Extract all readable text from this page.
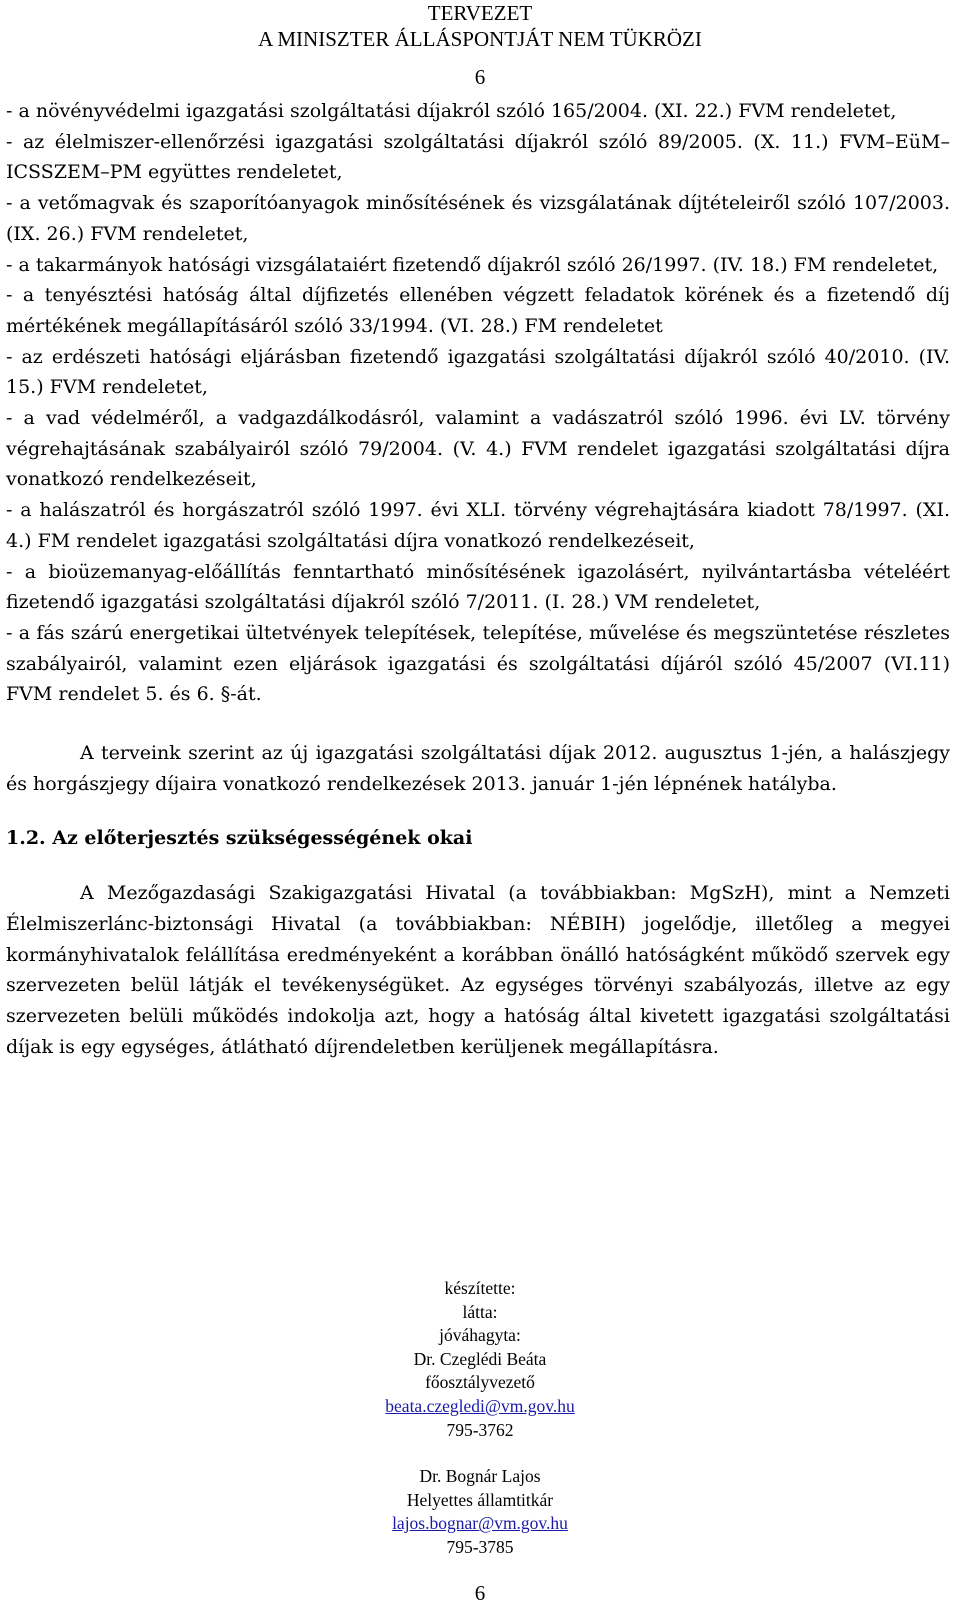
TERVEZET
A MINISZTER ÁLLÁSPONTJÁT NEM TÜKRÖZI
6
- a növényvédelmi igazgatási szolgáltatási díjakról szóló 165/2004. (XI. 22.) FVM rendeletet,
- az élelmiszer-ellenőrzési igazgatási szolgáltatási díjakról szóló 89/2005. (X. 11.) FVM–EüM–ICSSZEM–PM együttes rendeletet,
- a vetőmagvak és szaporítóanyagok minősítésének és vizsgálatának díjtételeiről szóló 107/2003. (IX. 26.) FVM rendeletet,
- a takarmányok hatósági vizsgálataiért fizetendő díjakról szóló 26/1997. (IV. 18.) FM rendeletet,
- a tenyésztési hatóság által díjfizetés ellenében végzett feladatok körének és a fizetendő díj mértékének megállapításáról szóló 33/1994. (VI. 28.) FM rendeletet
- az erdészeti hatósági eljárásban fizetendő igazgatási szolgáltatási díjakról szóló 40/2010. (IV. 15.) FVM rendeletet,
- a vad védelméről, a vadgazdálkodásról, valamint a vadászatról szóló 1996. évi LV. törvény végrehajtásának szabályairól szóló 79/2004. (V. 4.) FVM rendelet igazgatási szolgáltatási díjra vonatkozó rendelkezéseit,
- a halászatról és horgászatról szóló 1997. évi XLI. törvény végrehajtására kiadott 78/1997. (XI. 4.) FM rendelet igazgatási szolgáltatási díjra vonatkozó rendelkezéseit,
- a bioüzemanyag-előállítás fenntartható minősítésének igazolásért, nyilvántartásba vételéért fizetendő igazgatási szolgáltatási díjakról szóló 7/2011. (I. 28.) VM rendeletet,
- a fás szárú energetikai ültetvények telepítések, telepítése, művelése és megszüntetése részletes szabályairól, valamint ezen eljárások igazgatási és szolgáltatási díjáról szóló 45/2007 (VI.11) FVM rendelet 5. és 6. §-át.
A terveink szerint az új igazgatási szolgáltatási díjak 2012. augusztus 1-jén, a halászjegy és horgászjegy díjaira vonatkozó rendelkezések 2013. január 1-jén lépnének hatályba.
1.2. Az előterjesztés szükségességének okai
A Mezőgazdasági Szakigazgatási Hivatal (a továbbiakban: MgSzH), mint a Nemzeti Élelmiszerlánc-biztonsági Hivatal (a továbbiakban: NÉBIH) jogelődje, illetőleg a megyei kormányhivatalok felállítása eredményeként a korábban önálló hatóságként működő szervek egy szervezeten belül látják el tevékenységüket. Az egységes törvényi szabályozás, illetve az egy szervezeten belüli működés indokolja azt, hogy a hatóság által kivetett igazgatási szolgáltatási díjak is egy egységes, átlátható díjrendeletben kerüljenek megállapításra.
készítette:
látta:
jóváhagyta:
Dr. Czeglédi Beáta
főosztályvezető
beata.czegledi@vm.gov.hu
795-3762
Dr. Bognár Lajos
Helyettes államtitkár
lajos.bognar@vm.gov.hu
795-3785
6
